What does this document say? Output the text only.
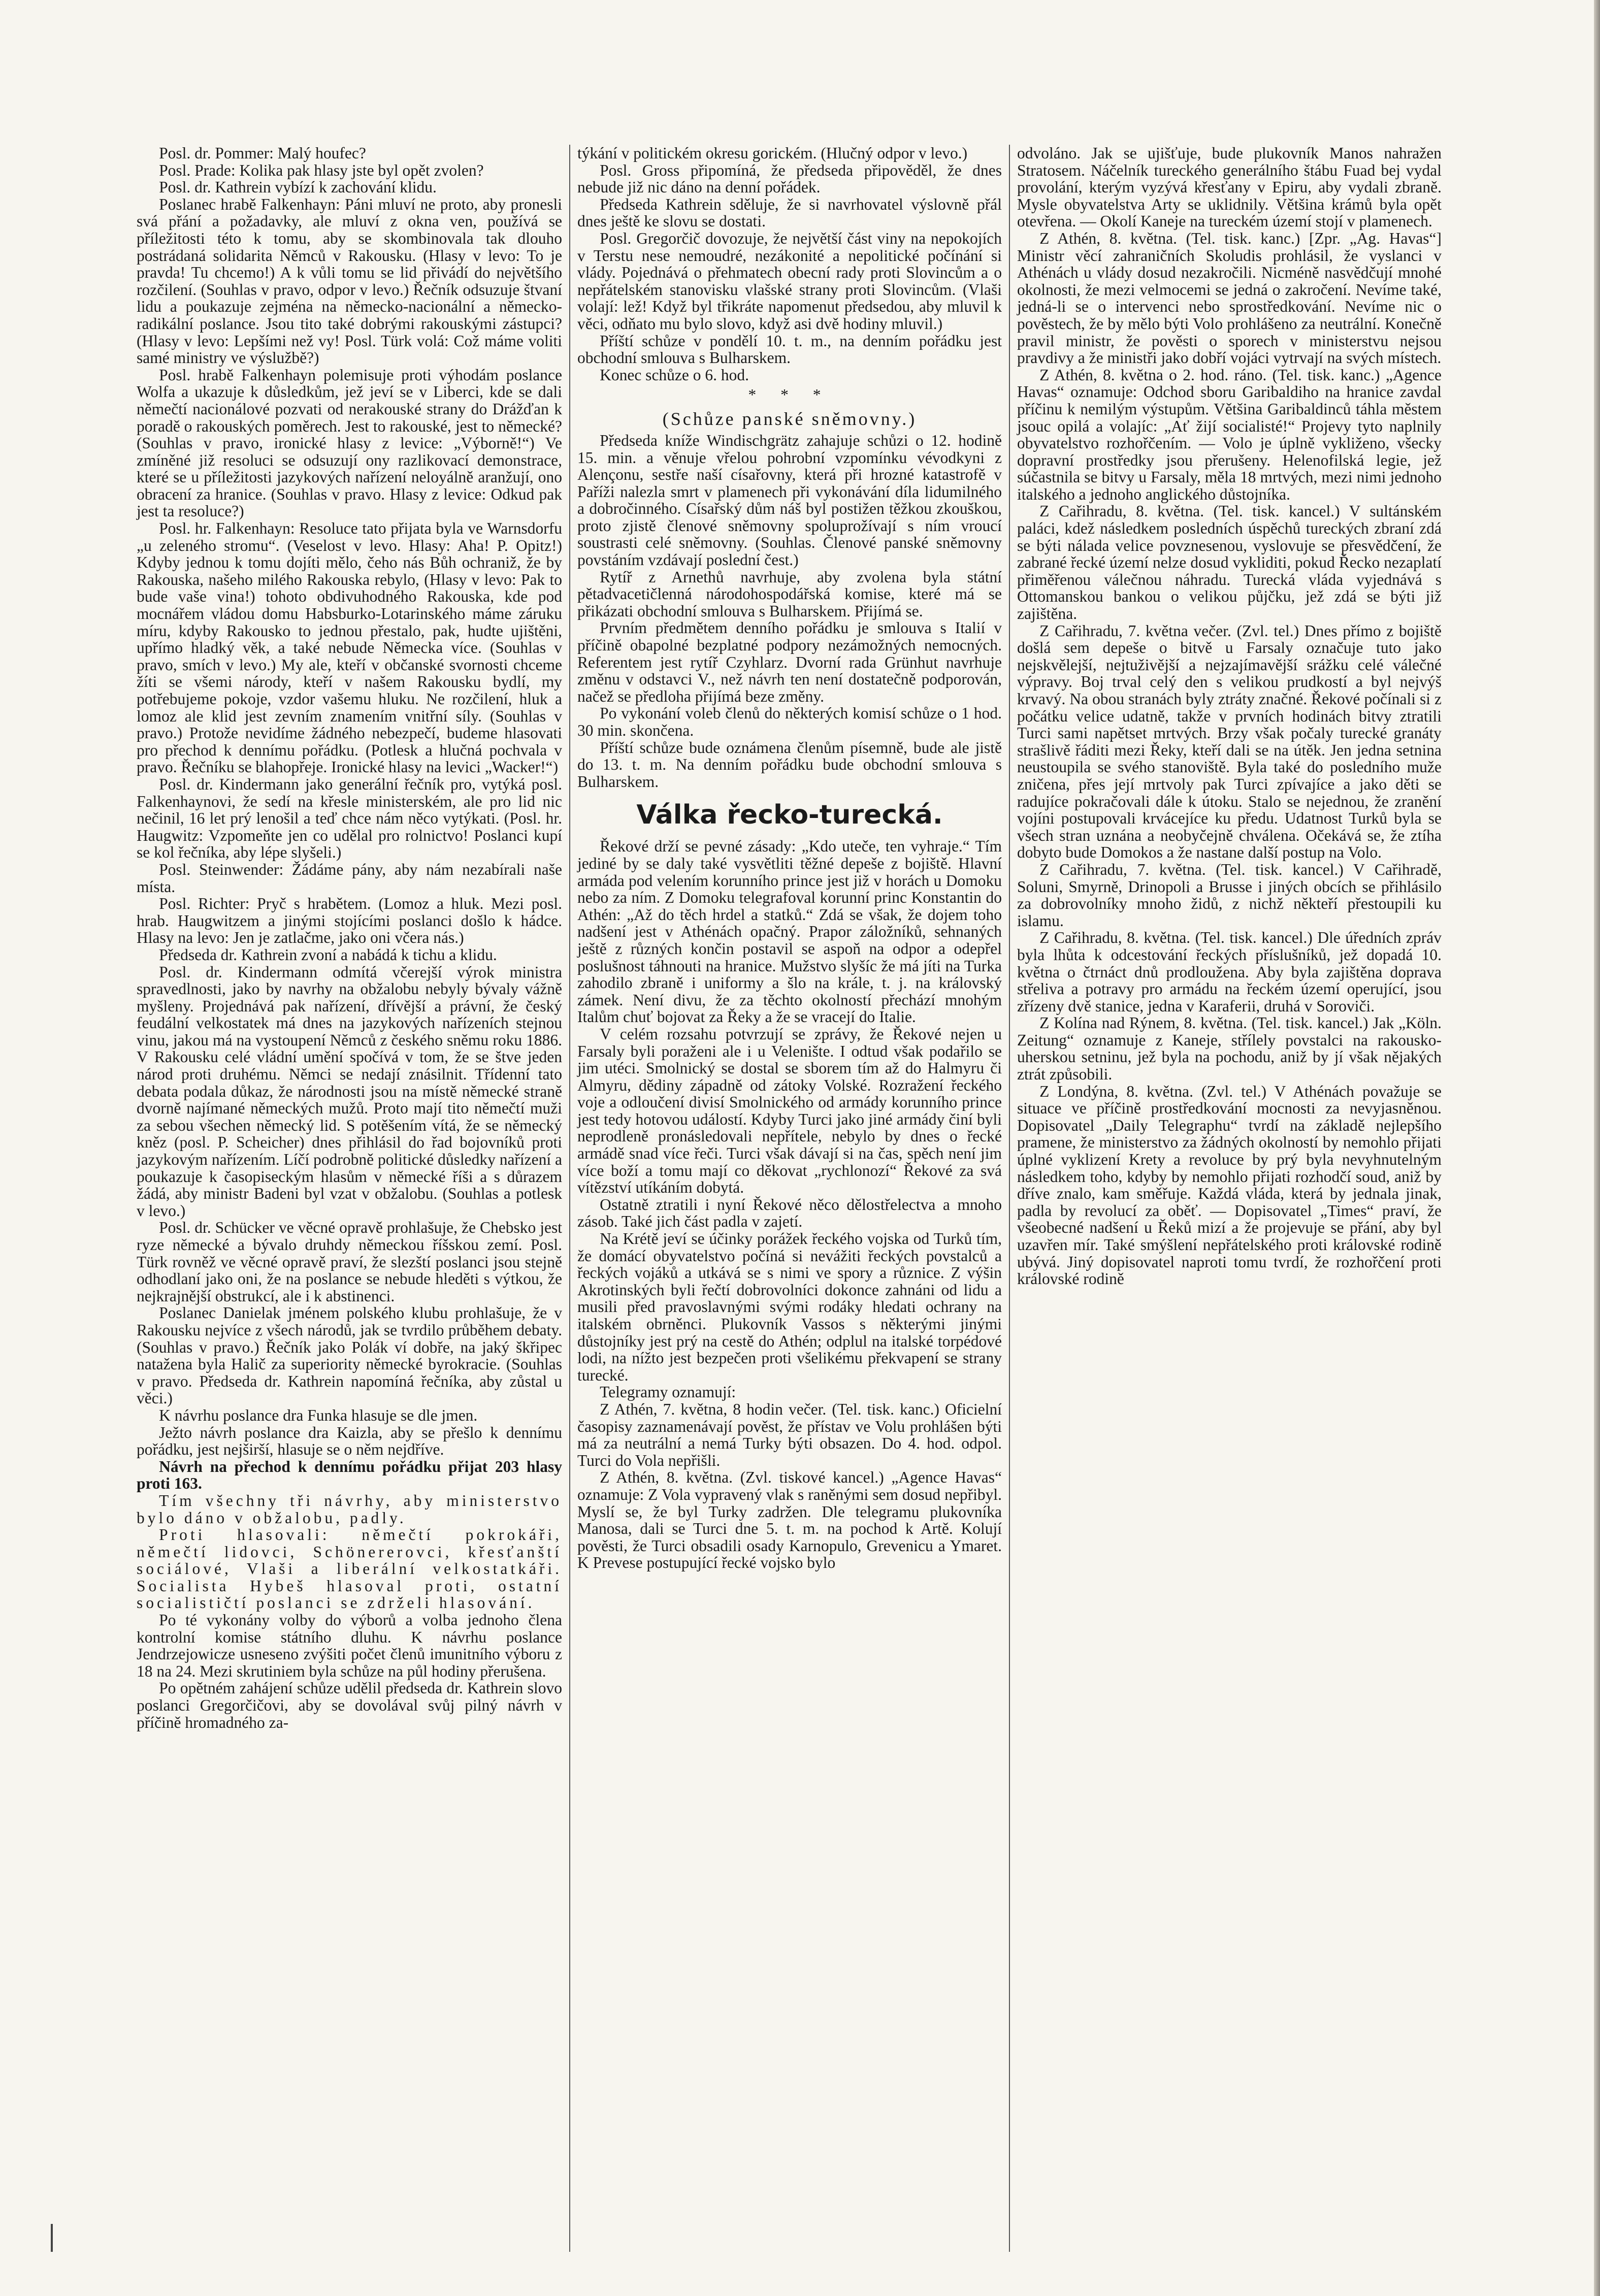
Posl. dr. Pommer: Malý houfec?

Posl. Prade: Kolika pak hlasy jste byl opět zvolen?

Posl. dr. Kathrein vybízí k zachování klidu.

Poslanec hrabě Falkenhayn: Páni mluví ne proto, aby pronesli svá přání a požadavky, ale mluví z okna ven, používá se příležitosti této k tomu, aby se skombinovala tak dlouho postrádaná solidarita Němců v Rakousku. (Hlasy v levo: To je pravda! Tu chcemo!) A k vůli tomu se lid přivádí do největšího rozčilení. (Souhlas v pravo, odpor v levo.) Řečník odsuzuje štvaní lidu a poukazuje zejména na německo-nacionální a německo-radikální poslance. Jsou tito také dobrými rakouskými zástupci? (Hlasy v levo: Lepšími než vy! Posl. Türk volá: Což máme voliti samé ministry ve výslužbě?)

Posl. hrabě Falkenhayn polemisuje proti výhodám poslance Wolfa a ukazuje k důsledkům, jež jeví se v Liberci, kde se dali němečtí nacionálové pozvati od nerakouské strany do Drážďan k poradě o rakouských poměrech. Jest to rakouské, jest to německé? (Souhlas v pravo, ironické hlasy z levice: „Výborně!“) Ve zmíněné již resoluci se odsuzují ony razlikovací demonstrace, které se u příležitosti jazykových nařízení neloyálně aranžují, ono obracení za hranice. (Souhlas v pravo. Hlasy z levice: Odkud pak jest ta resoluce?)

Posl. hr. Falkenhayn: Resoluce tato přijata byla ve Warnsdorfu „u zeleného stromu“. (Veselost v levo. Hlasy: Aha! P. Opitz!) Kdyby jednou k tomu dojíti mělo, čeho nás Bůh ochraniž, že by Rakouska, našeho milého Rakouska rebylo, (Hlasy v levo: Pak to bude vaše vina!) tohoto obdivuhodného Rakouska, kde pod mocnářem vládou domu Habsburko-Lotarinského máme záruku míru, kdyby Rakousko to jednou přestalo, pak, hudte ujištěni, upřímo hladký věk, a také nebude Německa více. (Souhlas v pravo, smích v levo.) My ale, kteří v občanské svornosti chceme žíti se všemi národy, kteří v našem Rakousku bydlí, my potřebujeme pokoje, vzdor vašemu hluku. Ne rozčilení, hluk a lomoz ale klid jest zevním znamením vnitřní síly. (Souhlas v pravo.) Protože nevidíme žádného nebezpečí, budeme hlasovati pro přechod k dennímu pořádku. (Potlesk a hlučná pochvala v pravo. Řečníku se blahopřeje. Ironické hlasy na levici „Wacker!“)

Posl. dr. Kindermann jako generální řečník pro, vytýká posl. Falkenhaynovi, že sedí na křesle ministerském, ale pro lid nic nečinil, 16 let prý lenošil a teď chce nám něco vytýkati. (Posl. hr. Haugwitz: Vzpomeňte jen co udělal pro rolnictvo! Poslanci kupí se kol řečníka, aby lépe slyšeli.)

Posl. Steinwender: Žádáme pány, aby nám nezabírali naše místa.

Posl. Richter: Pryč s hrabětem. (Lomoz a hluk. Mezi posl. hrab. Haugwitzem a jinými stojícími poslanci došlo k hádce. Hlasy na levo: Jen je zatlačme, jako oni včera nás.)

Předseda dr. Kathrein zvoní a nabádá k tichu a klidu.

Posl. dr. Kindermann odmítá včerejší výrok ministra spravedlnosti, jako by navrhy na obžalobu nebyly bývaly vážně myšleny. Projednává pak nařízení, dřívější a právní, že český feudální velkostatek má dnes na jazykových nařízeních stejnou vinu, jakou má na vystoupení Němců z českého sněmu roku 1886. V Rakousku celé vládní umění spočívá v tom, že se štve jeden národ proti druhému. Němci se nedají znásilnit. Třídenní tato debata podala důkaz, že národnosti jsou na místě německé straně dvorně najímané německých mužů. Proto mají tito němečtí muži za sebou všechen německý lid. S potěšením vítá, že se německý kněz (posl. P. Scheicher) dnes přihlásil do řad bojovníků proti jazykovým nařízením. Líčí podrobně politické důsledky nařízení a poukazuje k časopiseckým hlasům v německé říši a s důrazem žádá, aby ministr Badeni byl vzat v obžalobu. (Souhlas a potlesk v levo.)

Posl. dr. Schücker ve věcné opravě prohlašuje, že Chebsko jest ryze německé a bývalo druhdy německou říšskou zemí. Posl. Türk rovněž ve věcné opravě praví, že slezští poslanci jsou stejně odhodlaní jako oni, že na poslance se nebude hleděti s výtkou, že nejkrajnější obstrukcí, ale i k abstinenci.

Poslanec Danielak jménem polského klubu prohlašuje, že v Rakousku nejvíce z všech národů, jak se tvrdilo průběhem debaty. (Souhlas v pravo.) Řečník jako Polák ví dobře, na jaký škřipec natažena byla Halič za superiority německé byrokracie. (Souhlas v pravo. Předseda dr. Kathrein napomíná řečníka, aby zůstal u věci.)

K návrhu poslance dra Funka hlasuje se dle jmen.

Ježto návrh poslance dra Kaizla, aby se přešlo k dennímu pořádku, jest nejširší, hlasuje se o něm nejdříve.

Návrh na přechod k dennímu pořádku přijat 203 hlasy proti 163.

Tím všechny tři návrhy, aby ministerstvo bylo dáno v obžalobu, padly.

Proti hlasovali: němečtí pokrokáři, němečtí lidovci, Schönererovci, křesťanští sociálové, Vlaši a liberální velkostatkáři. Socialista Hybeš hlasoval proti, ostatní socialističtí poslanci se zdrželi hlasování.

Po té vykonány volby do výborů a volba jednoho člena kontrolní komise státního dluhu. K návrhu poslance Jendrzejowicze usneseno zvýšiti počet členů imunitního výboru z 18 na 24. Mezi skrutiniem byla schůze na půl hodiny přerušena.

Po opětném zahájení schůze udělil předseda dr. Kathrein slovo poslanci Gregorčičovi, aby se dovolával svůj pilný návrh v příčině hromadného za-

týkání v politickém okresu gorickém. (Hlučný odpor v levo.)

Posl. Gross připomíná, že předseda připověděl, že dnes nebude již nic dáno na denní pořádek.

Předseda Kathrein sděluje, že si navrhovatel výslovně přál dnes ještě ke slovu se dostati.

Posl. Gregorčič dovozuje, že největší část viny na nepokojích v Terstu nese nemoudré, nezákonité a nepolitické počínání si vlády. Pojednává o přehmatech obecní rady proti Slovincům a o nepřátelském stanovisku vlašské strany proti Slovincům. (Vlaši volají: lež! Když byl třikráte napomenut předsedou, aby mluvil k věci, odňato mu bylo slovo, když asi dvě hodiny mluvil.)

Příští schůze v pondělí 10. t. m., na denním pořádku jest obchodní smlouva s Bulharskem.

Konec schůze o 6. hod.

* * *
(Schůze panské sněmovny.)

Předseda kníže Windischgrätz zahajuje schůzi o 12. hodině 15. min. a věnuje vřelou pohrobní vzpomínku vévodkyni z Alençonu, sestře naší císařovny, která při hrozné katastrofě v Paříži nalezla smrt v plamenech při vykonávání díla lidumilného a dobročinného. Císařský dům náš byl postižen těžkou zkouškou, proto zjistě členové sněmovny spoluprožívají s ním vroucí soustrasti celé sněmovny. (Souhlas. Členové panské sněmovny povstáním vzdávají poslední čest.)

Rytíř z Arnethů navrhuje, aby zvolena byla státní pětadvacetičlenná národohospodářská komise, které má se přikázati obchodní smlouva s Bulharskem. Přijímá se.

Prvním předmětem denního pořádku je smlouva s Italií v příčině obapolné bezplatné podpory nezámožných nemocných. Referentem jest rytíř Czyhlarz. Dvorní rada Grünhut navrhuje změnu v odstavci V., než návrh ten není dostatečně podporován, načež se předloha přijímá beze změny.

Po vykonání voleb členů do některých komisí schůze o 1 hod. 30 min. skončena.

Příští schůze bude oznámena členům písemně, bude ale jistě do 13. t. m. Na denním pořádku bude obchodní smlouva s Bulharskem.

Válka řecko-turecká.

Řekové drží se pevné zásady: „Kdo uteče, ten vyhraje.“ Tím jediné by se daly také vysvětliti těžné depeše z bojiště. Hlavní armáda pod velením korunního prince jest již v horách u Domoku nebo za ním. Z Domoku telegrafoval korunní princ Konstantin do Athén: „Až do těch hrdel a statků.“ Zdá se však, že dojem toho nadšení jest v Athénách opačný. Prapor záložníků, sehnaných ještě z různých končin postavil se aspoň na odpor a odepřel poslušnost táhnouti na hranice. Mužstvo slyšíc že má jíti na Turka zahodilo zbraně i uniformy a šlo na krále, t. j. na královský zámek. Není divu, že za těchto okolností přechází mnohým Italům chuť bojovat za Řeky a že se vracejí do Italie.

V celém rozsahu potvrzují se zprávy, že Řekové nejen u Farsaly byli poraženi ale i u Velenište. I odtud však podařilo se jim utéci. Smolnický se dostal se sborem tím až do Halmyru či Almyru, dědiny západně od zátoky Volské. Rozražení řeckého voje a odloučení divisí Smolnického od armády korunního prince jest tedy hotovou událostí. Kdyby Turci jako jiné armády činí byli neprodleně pronásledovali nepřítele, nebylo by dnes o řecké armádě snad více řeči. Turci však dávají si na čas, spěch není jim více boží a tomu mají co děkovat „rychlonozí“ Řekové za svá vítězství utíkáním dobytá.

Ostatně ztratili i nyní Řekové něco dělostřelectva a mnoho zásob. Také jich část padla v zajetí.

Na Krétě jeví se účinky porážek řeckého vojska od Turků tím, že domácí obyvatelstvo počíná si nevážiti řeckých povstalců a řeckých vojáků a utkává se s nimi ve spory a různice. Z výšin Akrotinských byli řečtí dobrovolníci dokonce zahnáni od lidu a musili před pravoslavnými svými rodáky hledati ochrany na italském obrněnci. Plukovník Vassos s některými jinými důstojníky jest prý na cestě do Athén; odplul na italské torpédové lodi, na nížto jest bezpečen proti všelikému překvapení se strany turecké.

Telegramy oznamují:

Z Athén, 7. května, 8 hodin večer. (Tel. tisk. kanc.) Oficielní časopisy zaznamenávají pověst, že přístav ve Volu prohlášen býti má za neutrální a nemá Turky býti obsazen. Do 4. hod. odpol. Turci do Vola nepřišli.

Z Athén, 8. května. (Zvl. tiskové kancel.) „Agence Havas“ oznamuje: Z Vola vypravený vlak s raněnými sem dosud nepřibyl. Myslí se, že byl Turky zadržen. Dle telegramu plukovníka Manosa, dali se Turci dne 5. t. m. na pochod k Artě. Kolují pověsti, že Turci obsadili osady Karnopulo, Grevenicu a Ymaret. K Prevese postupující řecké vojsko bylo

odvoláno. Jak se ujišťuje, bude plukovník Manos nahražen Stratosem. Náčelník tureckého generálního štábu Fuad bej vydal provolání, kterým vyzývá křesťany v Epiru, aby vydali zbraně. Mysle obyvatelstva Arty se uklidnily. Většina krámů byla opět otevřena. — Okolí Kaneje na tureckém území stojí v plamenech.

Z Athén, 8. května. (Tel. tisk. kanc.) [Zpr. „Ag. Havas“] Ministr věcí zahraničních Skoludis prohlásil, že vyslanci v Athénách u vlády dosud nezakročili. Nicméně nasvědčují mnohé okolnosti, že mezi velmocemi se jedná o zakročení. Nevíme také, jedná-li se o intervenci nebo sprostředkování. Nevíme nic o pověstech, že by mělo býti Volo prohlášeno za neutrální. Konečně pravil ministr, že pověsti o sporech v ministerstvu nejsou pravdivy a že ministři jako dobří vojáci vytrvají na svých místech.

Z Athén, 8. května o 2. hod. ráno. (Tel. tisk. kanc.) „Agence Havas“ oznamuje: Odchod sboru Garibaldiho na hranice zavdal příčinu k nemilým výstupům. Většina Garibaldinců táhla městem jsouc opilá a volajíc: „Ať žijí socialisté!“ Projevy tyto naplnily obyvatelstvo rozhořčením. — Volo je úplně vykliženo, všecky dopravní prostředky jsou přerušeny. Helenofilská legie, jež súčastnila se bitvy u Farsaly, měla 18 mrtvých, mezi nimi jednoho italského a jednoho anglického důstojníka.

Z Cařihradu, 8. května. (Tel. tisk. kancel.) V sultánském paláci, kdež následkem posledních úspěchů tureckých zbraní zdá se býti nálada velice povznesenou, vyslovuje se přesvědčení, že zabrané řecké území nelze dosud vykliditi, pokud Řecko nezaplatí přiměřenou válečnou náhradu. Turecká vláda vyjednává s Ottomanskou bankou o velikou půjčku, jež zdá se býti již zajištěna.

Z Cařihradu, 7. května večer. (Zvl. tel.) Dnes přímo z bojiště došlá sem depeše o bitvě u Farsaly označuje tuto jako nejskvělejší, nejtuživější a nejzajímavější srážku celé válečné výpravy. Boj trval celý den s velikou prudkostí a byl nejvýš krvavý. Na obou stranách byly ztráty značné. Řekové počínali si z počátku velice udatně, takže v prvních hodinách bitvy ztratili Turci sami napětset mrtvých. Brzy však počaly turecké granáty strašlivě řáditi mezi Řeky, kteří dali se na útěk. Jen jedna setnina neustoupila se svého stanoviště. Byla také do posledního muže zničena, přes její mrtvoly pak Turci zpívajíce a jako děti se radujíce pokračovali dále k útoku. Stalo se nejednou, že zranění vojíni postupovali krvácejíce ku předu. Udatnost Turků byla se všech stran uznána a neobyčejně chválena. Očekává se, že ztíha dobyto bude Domokos a že nastane další postup na Volo.

Z Cařihradu, 7. května. (Tel. tisk. kancel.) V Cařihradě, Soluni, Smyrně, Drinopoli a Brusse i jiných obcích se přihlásilo za dobrovolníky mnoho židů, z nichž někteří přestoupili ku islamu.

Z Cařihradu, 8. května. (Tel. tisk. kancel.) Dle úředních zpráv byla lhůta k odcestování řeckých příslušníků, jež dopadá 10. května o čtrnáct dnů prodloužena. Aby byla zajištěna doprava střeliva a potravy pro armádu na řeckém území operující, jsou zřízeny dvě stanice, jedna v Karaferii, druhá v Soroviči.

Z Kolína nad Rýnem, 8. května. (Tel. tisk. kancel.) Jak „Köln. Zeitung“ oznamuje z Kaneje, střílely povstalci na rakousko-uherskou setninu, jež byla na pochodu, aniž by jí však nějakých ztrát způsobili.

Z Londýna, 8. května. (Zvl. tel.) V Athénách považuje se situace ve příčině prostředkování mocnosti za nevyjasněnou. Dopisovatel „Daily Telegraphu“ tvrdí na základě nejlepšího pramene, že ministerstvo za žádných okolností by nemohlo přijati úplné vyklizení Krety a revoluce by prý byla nevyhnutelným následkem toho, kdyby by nemohlo přijati rozhodčí soud, aniž by dříve znalo, kam směřuje. Každá vláda, která by jednala jinak, padla by revolucí za oběť. — Dopisovatel „Times“ praví, že všeobecné nadšení u Řeků mizí a že projevuje se přání, aby byl uzavřen mír. Také smýšlení nepřátelského proti královské rodině ubývá. Jiný dopisovatel naproti tomu tvrdí, že rozhořčení proti královské rodině
